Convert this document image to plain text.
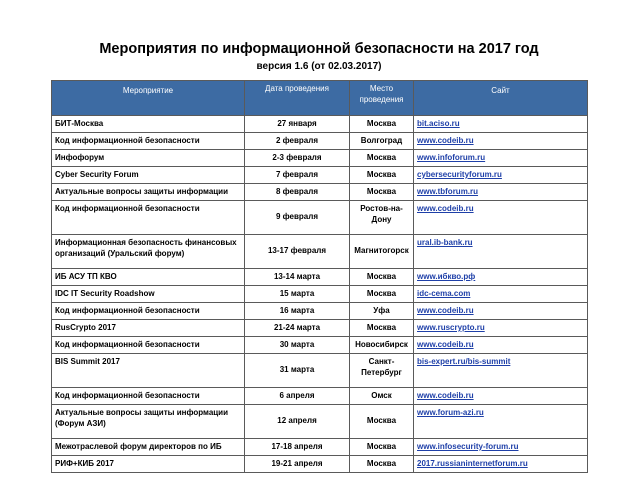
Мероприятия по информационной безопасности на 2017 год
версия 1.6 (от 02.03.2017)
Мероприятие	Дата проведения	Место проведения	Сайт
БИТ-Москва	27 января	Москва	bit.aciso.ru
Код информационной безопасности	2 февраля	Волгоград	www.codeib.ru
Инфофорум	2-3 февраля	Москва	www.infoforum.ru
Cyber Security Forum	7 февраля	Москва	cybersecurityforum.ru
Актуальные вопросы защиты информации	8 февраля	Москва	www.tbforum.ru
Код информационной безопасности	9 февраля	Ростов-на-Дону	www.codeib.ru
Информационная безопасность финансовых организаций (Уральский форум)	13-17 февраля	Магнитогорск	ural.ib-bank.ru
ИБ АСУ ТП КВО	13-14 марта	Москва	www.ибкво.рф
IDC IT Security Roadshow	15 марта	Москва	idc-cema.com
Код информационной безопасности	16 марта	Уфа	www.codeib.ru
RusCrypto 2017	21-24 марта	Москва	www.ruscrypto.ru
Код информационной безопасности	30 марта	Новосибирск	www.codeib.ru
BIS Summit 2017	31 марта	Санкт-Петербург	bis-expert.ru/bis-summit
Код информационной безопасности	6 апреля	Омск	www.codeib.ru
Актуальные вопросы защиты информации (Форум АЗИ)	12 апреля	Москва	www.forum-azi.ru
Межотраслевой форум директоров по ИБ	17-18 апреля	Москва	www.infosecurity-forum.ru
РИФ+КИБ 2017	19-21 апреля	Москва	2017.russianinternetforum.ru
